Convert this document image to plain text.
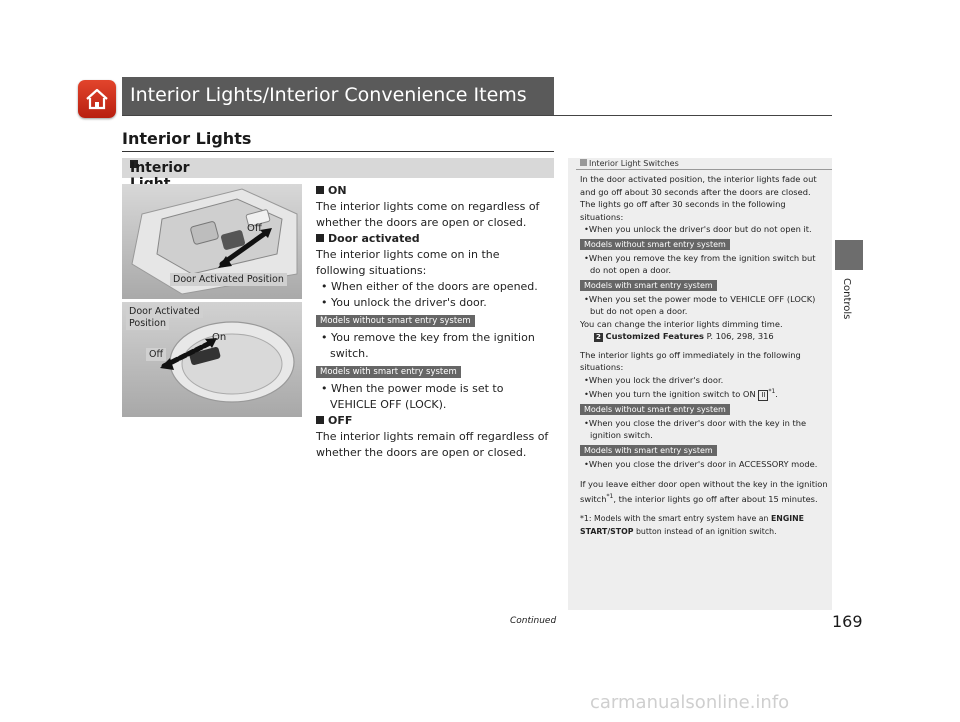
Interior Lights/Interior Convenience Items
Interior Lights
Interior
Off
Door Activated Position
Door Activated
Position
On
Off

ON

The interior lights come on regardless of whether the doors are open or closed.

Door activated

The interior lights come on in the following situations:

• When either of the doors are opened.

• You unlock the driver's door.

Models without smart entry system

• You remove the key from the ignition switch.

Models with smart entry system

• When the power mode is set to VEHICLE OFF (LOCK).

OFF

The interior lights remain off regardless of whether the doors are open or closed.

Interior Light Switches

In the door activated position, the interior lights fade out and go off about 30 seconds after the doors are closed. The lights go off after 30 seconds in the following situations:

•When you unlock the driver's door but do not open it.

Models without smart entry system

•When you remove the key from the ignition switch but do not open a door.

Models with smart entry system

•When you set the power mode to VEHICLE OFF (LOCK) but do not open a door.

You can change the interior lights dimming time.

2 Customized Features P. 106, 298, 316

The interior lights go off immediately in the following situations:

•When you lock the driver's door.

•When you turn the ignition switch to ON II $^{*1}$.

Models without smart entry system

•When you close the driver's door with the key in the ignition switch.

Models with smart entry system

•When you close the driver's door in ACCESSORY mode.

If you leave either door open without the key in the ignition switch$^{*1}$, the interior lights go off after about 15 minutes.

*1: Models with the smart entry system have an ENGINE START/STOP button instead of an ignition switch.

Controls
Continued	169
carmanualsonline.info
